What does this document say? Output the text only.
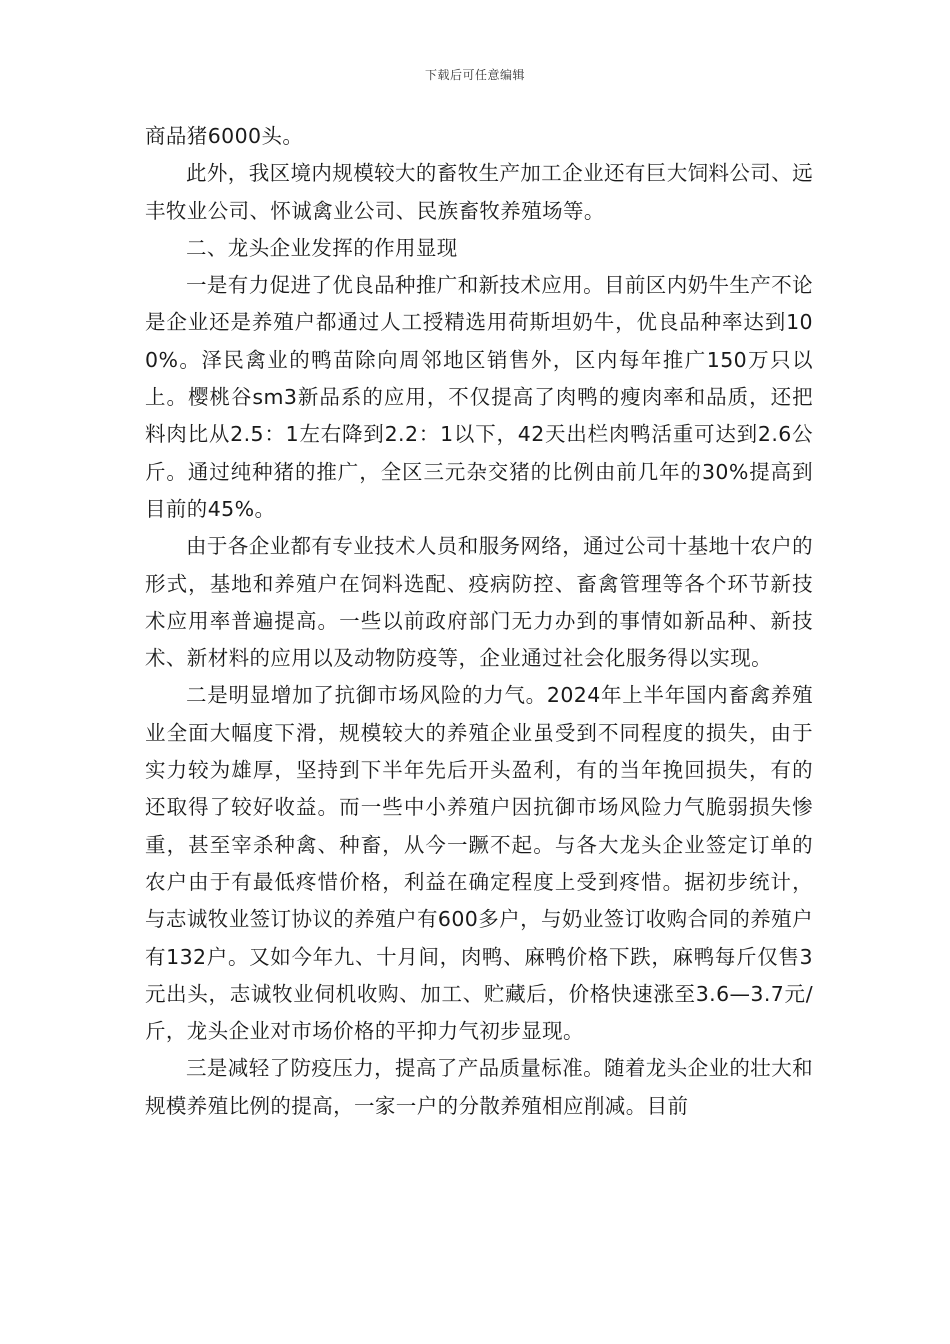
下载后可任意编辑

商品猪6000头。

此外，我区境内规模较大的畜牧生产加工企业还有巨大饲料公司、远丰牧业公司、怀诚禽业公司、民族畜牧养殖场等。

二、龙头企业发挥的作用显现

一是有力促进了优良品种推广和新技术应用。目前区内奶牛生产不论是企业还是养殖户都通过人工授精选用荷斯坦奶牛，优良品种率达到100%。泽民禽业的鸭苗除向周邻地区销售外，区内每年推广150万只以上。樱桃谷sm3新品系的应用，不仅提高了肉鸭的瘦肉率和品质，还把料肉比从2.5：1左右降到2.2：1以下，42天出栏肉鸭活重可达到2.6公斤。通过纯种猪的推广，全区三元杂交猪的比例由前几年的30%提高到目前的45%。

由于各企业都有专业技术人员和服务网络，通过公司十基地十农户的形式，基地和养殖户在饲料选配、疫病防控、畜禽管理等各个环节新技术应用率普遍提高。一些以前政府部门无力办到的事情如新品种、新技术、新材料的应用以及动物防疫等，企业通过社会化服务得以实现。

二是明显增加了抗御市场风险的力气。2024年上半年国内畜禽养殖业全面大幅度下滑，规模较大的养殖企业虽受到不同程度的损失，由于实力较为雄厚，坚持到下半年先后开头盈利，有的当年挽回损失，有的还取得了较好收益。而一些中小养殖户因抗御市场风险力气脆弱损失惨重，甚至宰杀种禽、种畜，从今一蹶不起。与各大龙头企业签定订单的农户由于有最低疼惜价格，利益在确定程度上受到疼惜。据初步统计，与志诚牧业签订协议的养殖户有600多户，与奶业签订收购合同的养殖户有132户。又如今年九、十月间，肉鸭、麻鸭价格下跌，麻鸭每斤仅售3元出头，志诚牧业伺机收购、加工、贮藏后，价格快速涨至3.6—3.7元/斤，龙头企业对市场价格的平抑力气初步显现。

三是减轻了防疫压力，提高了产品质量标准。随着龙头企业的壮大和规模养殖比例的提高，一家一户的分散养殖相应削减。目前
